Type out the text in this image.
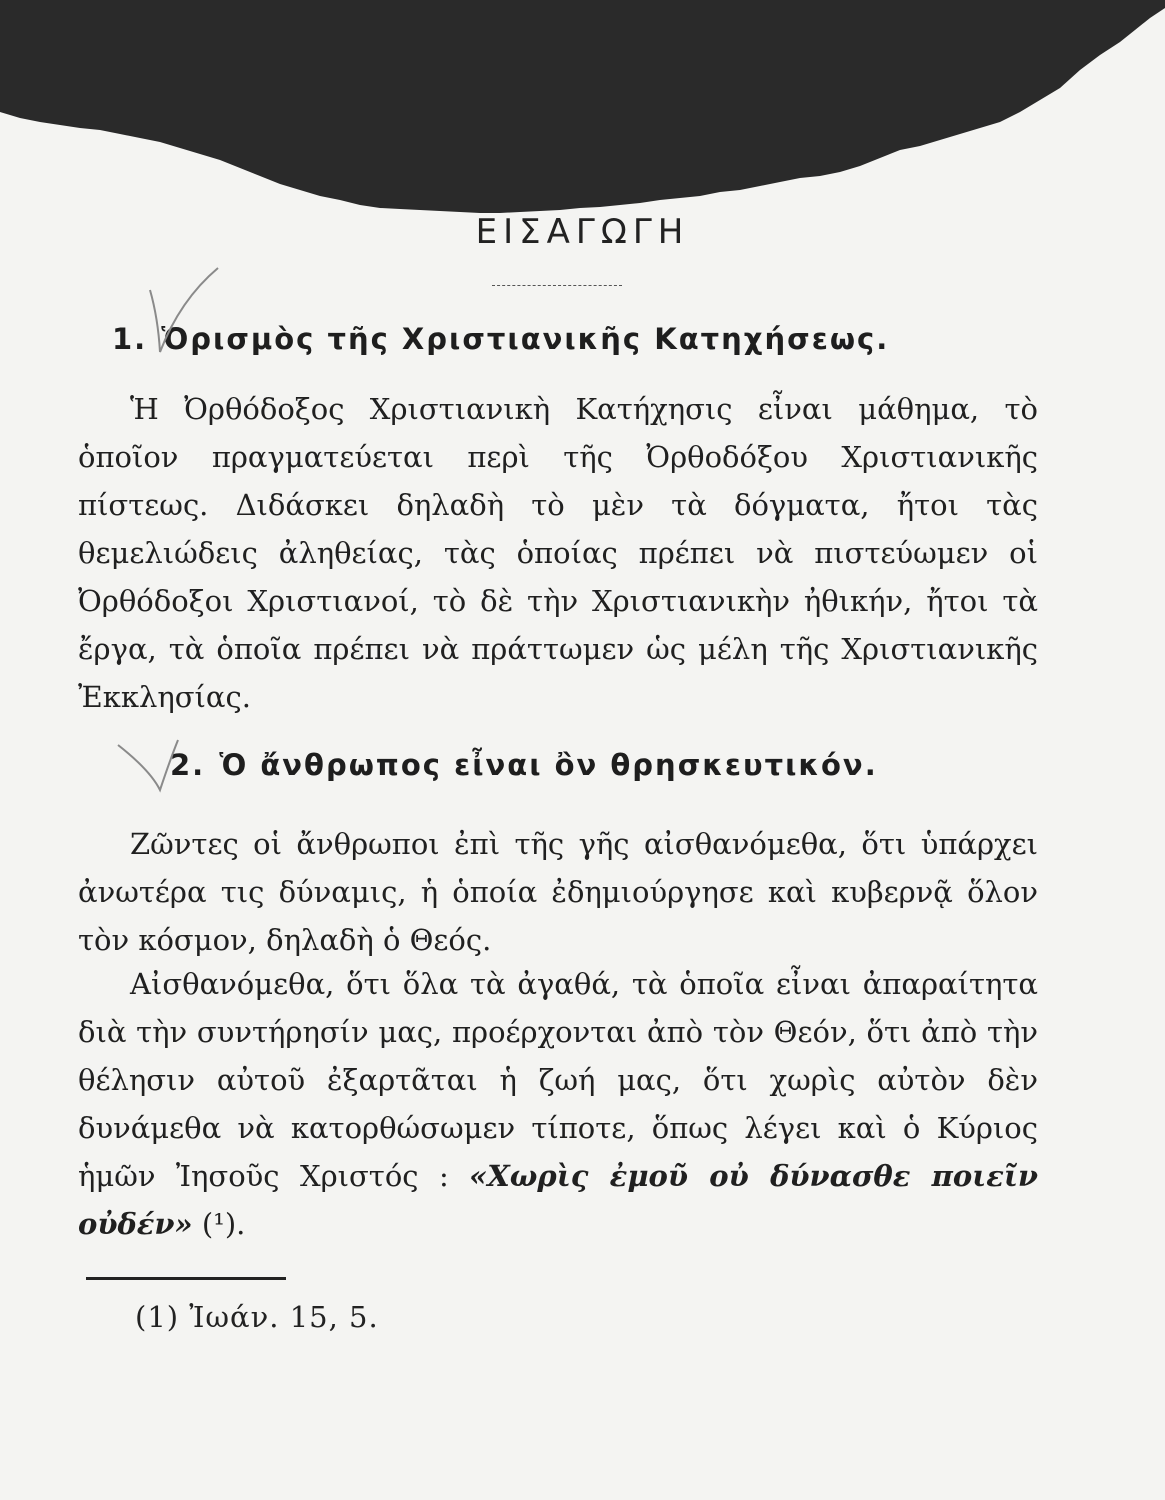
ΕΙΣΑΓΩΓΗ
1. Ὁρισμὸς τῆς Χριστιανικῆς Κατηχήσεως.

Ἡ Ὀρθόδοξος Χριστιανικὴ Κατήχησις εἶναι μάθημα, τὸ ὁποῖον πραγματεύεται περὶ τῆς Ὀρθοδόξου Χριστιανικῆς πίστεως. Διδάσκει δηλαδὴ τὸ μὲν τὰ δόγματα, ἤτοι τὰς θεμελιώδεις ἀληθείας, τὰς ὁποίας πρέπει νὰ πιστεύωμεν οἱ Ὀρθόδοξοι Χριστιανοί, τὸ δὲ τὴν Χριστιανικὴν ἠθικήν, ἤτοι τὰ ἔργα, τὰ ὁποῖα πρέπει νὰ πράττωμεν ὡς μέλη τῆς Χριστιανικῆς Ἐκκλησίας.

2. Ὁ ἄνθρωπος εἶναι ὂν θρησκευτικόν.

Ζῶντες οἱ ἄνθρωποι ἐπὶ τῆς γῆς αἰσθανόμεθα, ὅτι ὑπάρχει ἀνωτέρα τις δύναμις, ἡ ὁποία ἐδημιούργησε καὶ κυβερνᾷ ὅλον τὸν κόσμον, δηλαδὴ ὁ Θεός.

Αἰσθανόμεθα, ὅτι ὅλα τὰ ἀγαθά, τὰ ὁποῖα εἶναι ἀπαραίτητα διὰ τὴν συντήρησίν μας, προέρχονται ἀπὸ τὸν Θεόν, ὅτι ἀπὸ τὴν θέλησιν αὐτοῦ ἐξαρτᾶται ἡ ζωή μας, ὅτι χωρὶς αὐτὸν δὲν δυνάμεθα νὰ κατορθώσωμεν τίποτε, ὅπως λέγει καὶ ὁ Κύριος ἡμῶν Ἰησοῦς Χριστός : «Χωρὶς ἐμοῦ οὐ δύνασθε ποιεῖν οὐδέν» (¹).

(1) Ἰωάν. 15, 5.
